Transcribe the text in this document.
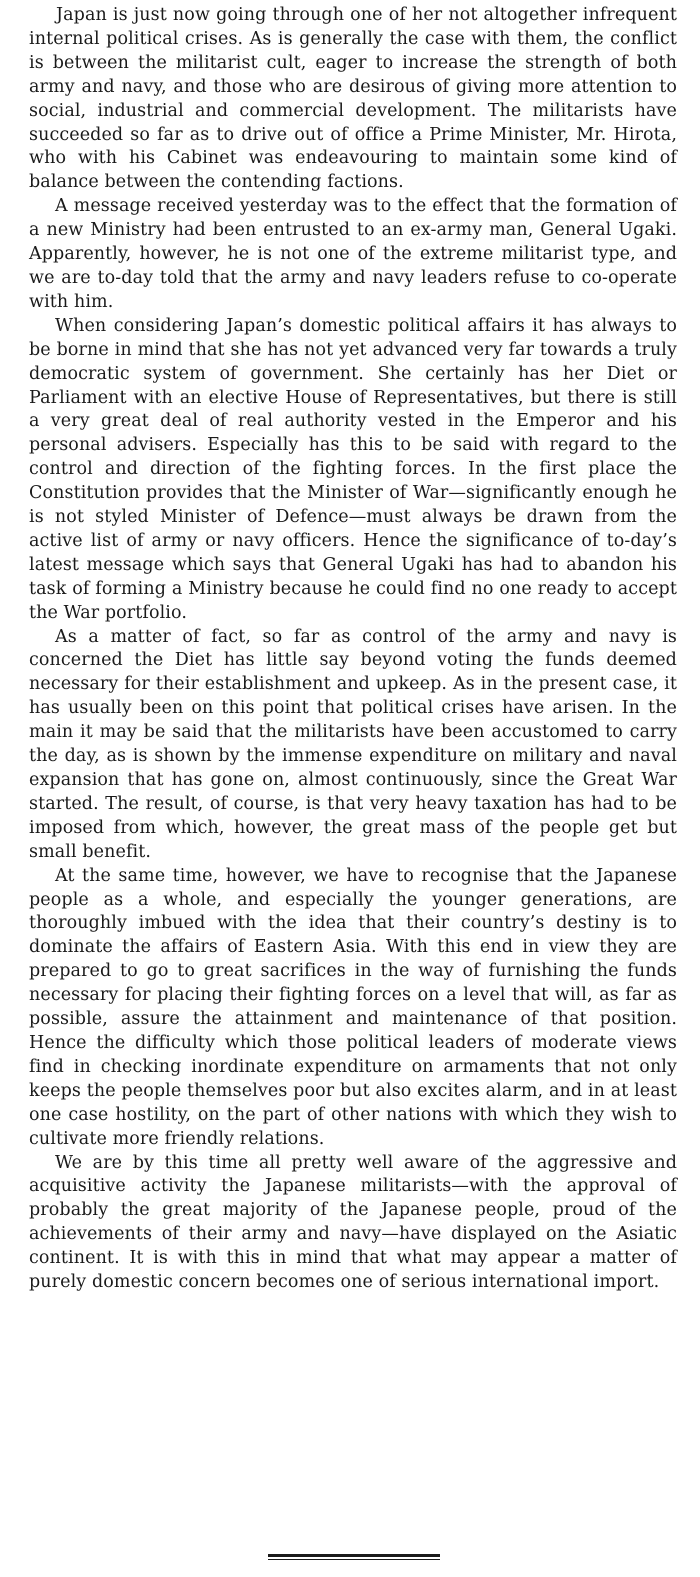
Japan is just now going through one of her not altogether infrequent internal political crises. As is generally the case with them, the conflict is between the militarist cult, eager to increase the strength of both army and navy, and those who are desirous of giving more attention to social, industrial and commercial development. The militarists have succeeded so far as to drive out of office a Prime Minister, Mr. Hirota, who with his Cabinet was endeavouring to maintain some kind of balance between the contending factions.

A message received yesterday was to the effect that the formation of a new Ministry had been entrusted to an ex-army man, General Ugaki. Apparently, however, he is not one of the extreme militarist type, and we are to-day told that the army and navy leaders refuse to co-operate with him.

When considering Japan’s domestic political affairs it has always to be borne in mind that she has not yet advanced very far towards a truly democratic system of government. She certainly has her Diet or Parliament with an elective House of Representatives, but there is still a very great deal of real authority vested in the Emperor and his personal advisers. Especially has this to be said with regard to the control and direction of the fighting forces. In the first place the Constitution provides that the Minister of War—significantly enough he is not styled Minister of Defence—must always be drawn from the active list of army or navy officers. Hence the significance of to-day’s latest message which says that General Ugaki has had to abandon his task of forming a Ministry because he could find no one ready to accept the War portfolio.

As a matter of fact, so far as control of the army and navy is concerned the Diet has little say beyond voting the funds deemed necessary for their establishment and upkeep. As in the present case, it has usually been on this point that political crises have arisen. In the main it may be said that the militarists have been accustomed to carry the day, as is shown by the immense expenditure on military and naval expansion that has gone on, almost continuously, since the Great War started. The result, of course, is that very heavy taxation has had to be imposed from which, however, the great mass of the people get but small benefit.

At the same time, however, we have to recognise that the Japanese people as a whole, and especially the younger generations, are thoroughly imbued with the idea that their country’s destiny is to dominate the affairs of Eastern Asia. With this end in view they are prepared to go to great sacrifices in the way of furnishing the funds necessary for placing their fighting forces on a level that will, as far as possible, assure the attainment and maintenance of that position. Hence the difficulty which those political leaders of moderate views find in checking inordinate expenditure on armaments that not only keeps the people themselves poor but also excites alarm, and in at least one case hostility, on the part of other nations with which they wish to cultivate more friendly relations.

We are by this time all pretty well aware of the aggressive and acquisitive activity the Japanese militarists—with the approval of probably the great majority of the Japanese people, proud of the achievements of their army and navy—have displayed on the Asiatic continent. It is with this in mind that what may appear a matter of purely domestic concern becomes one of serious international import.
